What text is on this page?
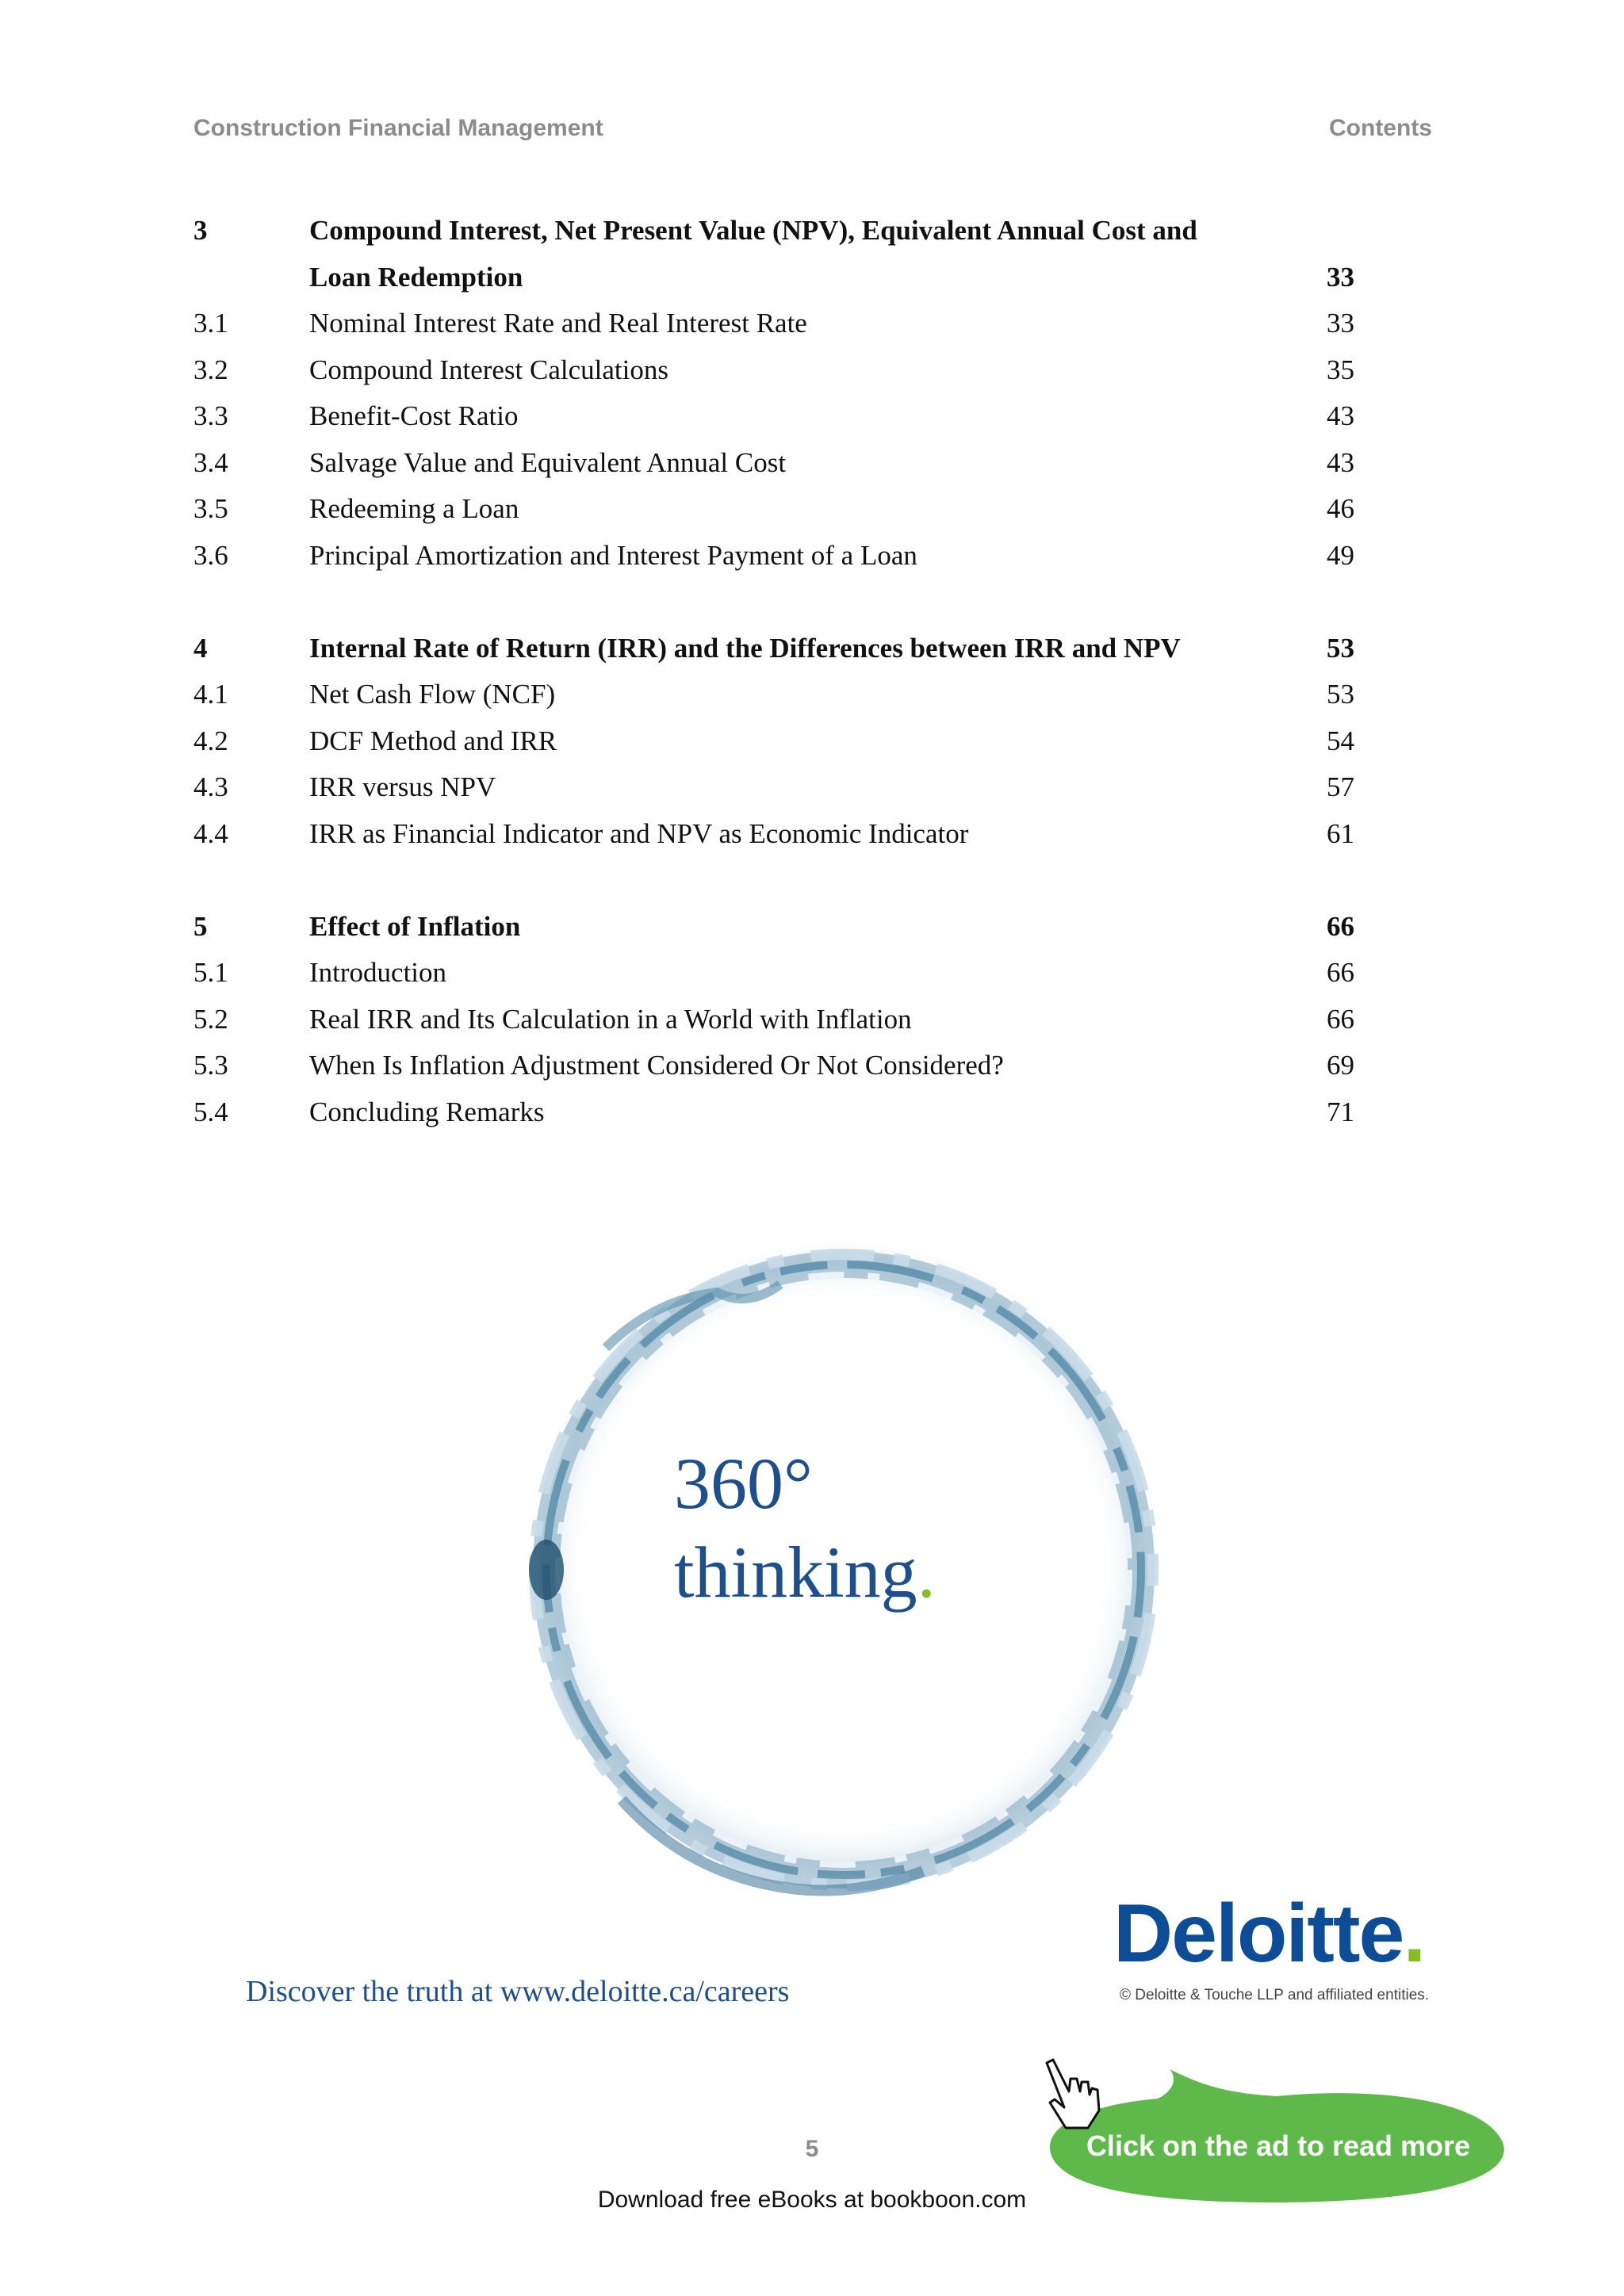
Construction Financial Management	Contents
3	Compound Interest, Net Present Value (NPV), Equivalent Annual Cost and
Loan Redemption	33
3.1	Nominal Interest Rate and Real Interest Rate	33
3.2	Compound Interest Calculations	35
3.3	Benefit-Cost Ratio	43
3.4	Salvage Value and Equivalent Annual Cost	43
3.5	Redeeming a Loan	46
3.6	Principal Amortization and Interest Payment of a Loan	49
4	Internal Rate of Return (IRR) and the Differences between IRR and NPV	53
4.1	Net Cash Flow (NCF)	53
4.2	DCF Method and IRR	54
4.3	IRR versus NPV	57
4.4	IRR as Financial Indicator and NPV as Economic Indicator	61
5	Effect of Inflation	66
5.1	Introduction	66
5.2	Real IRR and Its Calculation in a World with Inflation	66
5.3	When Is Inflation Adjustment Considered Or Not Considered?	69
5.4	Concluding Remarks	71
360°
thinking.
Discover the truth at www.deloitte.ca/careers
Deloitte.
© Deloitte & Touche LLP and affiliated entities.
5
Download free eBooks at bookboon.com
Click on the ad to read more
